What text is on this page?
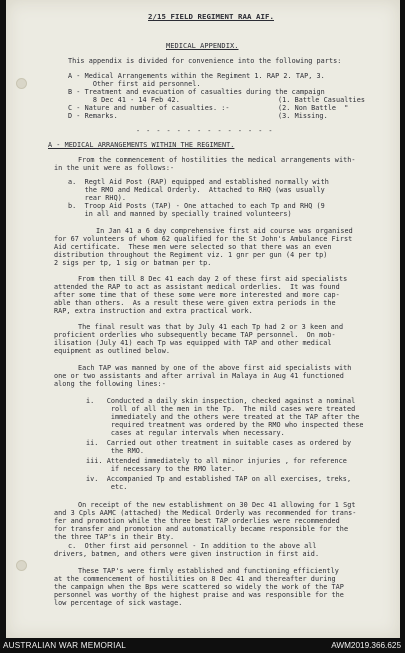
2/15 FIELD REGIMENT RAA AIF.
MEDICAL APPENDIX.
This appendix is divided for convenience into the following parts:
A - Medical Arrangements within the Regiment 1. RAP 2. TAP, 3.
Other first aid personnel.
B - Treatment and evacuation of casualties during the campaign
8 Dec 41 - 14 Feb 42.
C - Nature and number of casualties. :-
D - Remarks.
(1. Battle Casualties
(2. Non Battle  "
(3. Missing.
- - - - - - - - - - - - - -
A - MEDICAL ARRANGEMENTS WITHIN THE REGIMENT.
From the commencement of hostilities the medical arrangements with-
in the unit were as follows:-
a.  Regtl Aid Post (RAP) equipped and established normally with
the RMO and Medical Orderly.  Attached to RHQ (was usually
rear RHQ).
b.  Troop Aid Posts (TAP) - One attached to each Tp and RHQ (9
in all and manned by specially trained volunteers)
In Jan 41 a 6 day comprehensive first aid course was organised
for 67 volunteers of whom 62 qualified for the St John's Ambulance First
Aid certificate.  These men were selected so that there was an even
distribution throughout the Regiment viz. 1 gnr per gun (4 per tp)
2 sigs per tp, 1 sig or batman per tp.
From then till 8 Dec 41 each day 2 of these first aid specialists
attended the RAP to act as assistant medical orderlies.  It was found
after some time that of these some were more interested and more cap-
able than others.  As a result these were given extra periods in the
RAP, extra instruction and extra practical work.
The final result was that by July 41 each Tp had 2 or 3 keen and
proficient orderlies who subsequently became TAP personnel.  On mob-
ilisation (July 41) each Tp was equipped with TAP and other medical
equipment as outlined below.
Each TAP was manned by one of the above first aid specialists with
one or two assistants and after arrival in Malaya in Aug 41 functioned
along the following lines:-
i.   Conducted a daily skin inspection, checked against a nominal
roll of all the men in the Tp.  The mild cases were treated
immediately and the others were treated at the TAP after the
required treatment was ordered by the RMO who inspected these
cases at regular intervals when necessary.
ii.  Carried out other treatment in suitable cases as ordered by
the RMO.
iii. Attended immediately to all minor injuries , for reference
if necessary to the RMO later.
iv.  Accompanied Tp and established TAP on all exercises, treks,
etc.
On receipt of the new establishment on 30 Dec 41 allowing for 1 Sgt
and 3 Cpls AAMC (attached) the Medical Orderly was recommended for trans-
fer and promotion while the three best TAP orderlies were recommended
for transfer and promotion and automatically became responsible for the
the three TAP's in their Bty.
c.  Other first aid personnel - In addition to the above all
drivers, batmen, and others were given instruction in first aid.
These TAP's were firmly established and functioning efficiently
at the commencement of hostilities on 8 Dec 41 and thereafter during
the campaign when the Bps were scattered so widely the work of the TAP
personnel was worthy of the highest praise and was responsible for the
low percentage of sick wastage.
AUSTRALIAN WAR MEMORIAL	AWM2019.366.625
